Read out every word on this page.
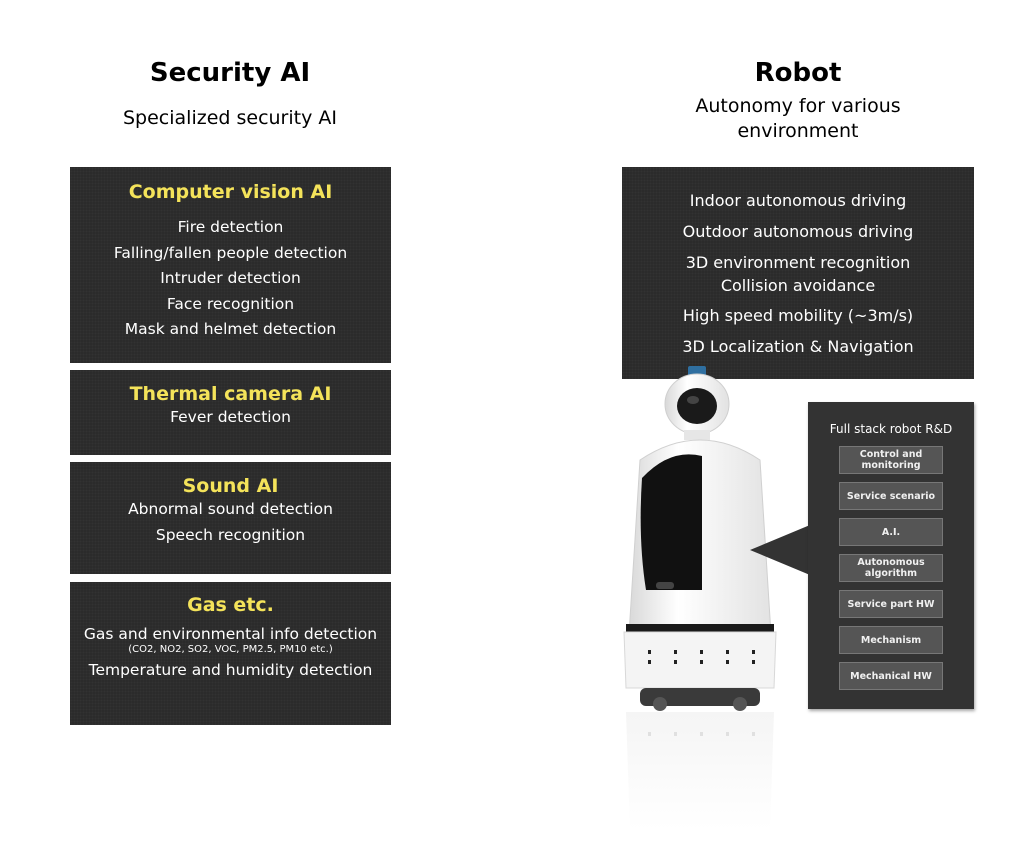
Security AI
Specialized security AI
Computer vision AI
Fire detection
Falling/fallen people detection
Intruder detection
Face recognition
Mask and helmet detection
Thermal camera AI
Fever detection
Sound AI
Abnormal sound detection
Speech recognition
Gas etc.
Gas and environmental info detection
(CO2, NO2, SO2, VOC, PM2.5, PM10 etc.)
Temperature and humidity detection
Robot
Autonomy for various
environment
Indoor autonomous driving
Outdoor autonomous driving
3D environment recognition
Collision avoidance
High speed mobility (~3m/s)
3D Localization & Navigation
Full stack robot R&D
Control and monitoring
Service scenario
A.I.
Autonomous algorithm
Service part HW
Mechanism
Mechanical HW
